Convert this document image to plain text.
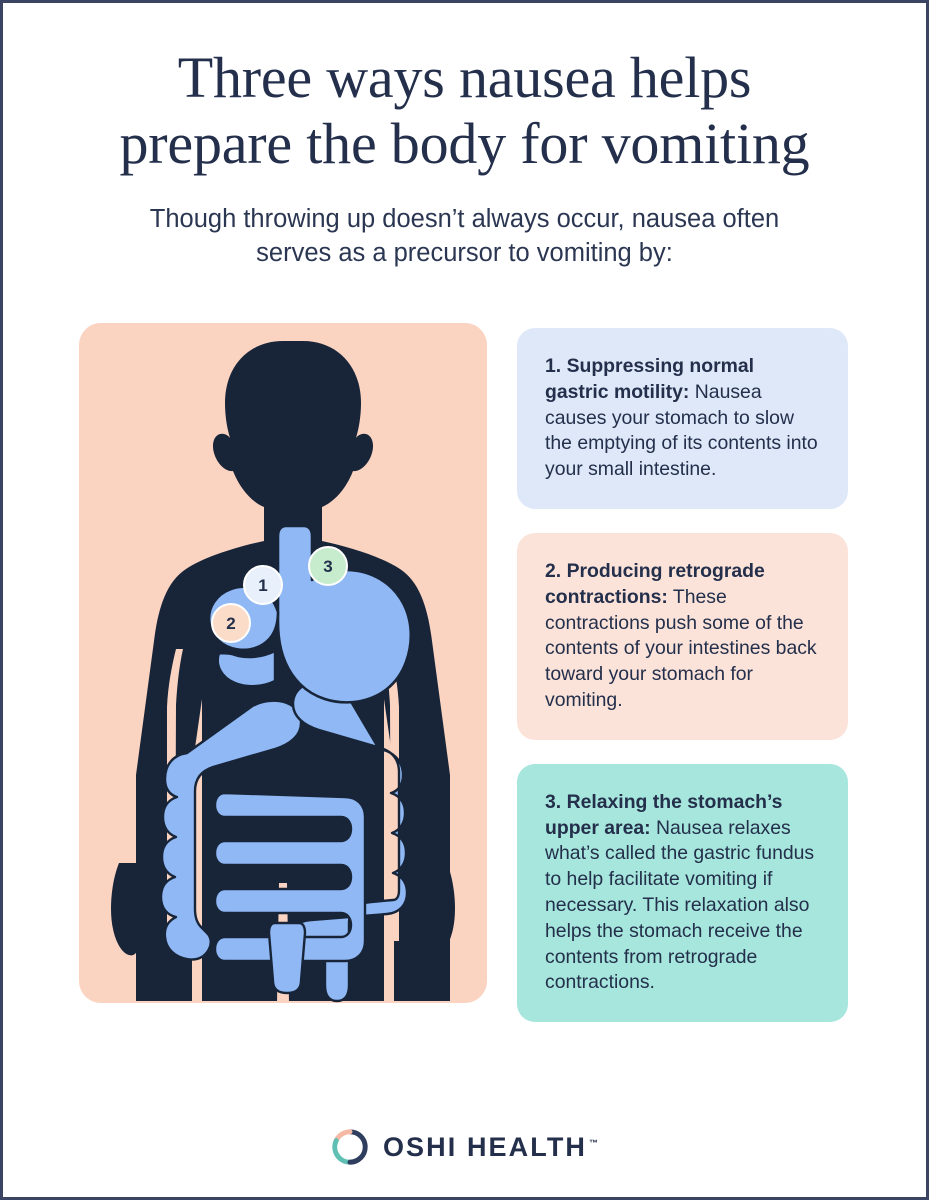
Three ways nausea helps prepare the body for vomiting

Though throwing up doesn’t always occur, nausea often serves as a precursor to vomiting by:

1
2
3

1. Suppressing normal gastric motility: Nausea causes your stomach to slow the emptying of its contents into your small intestine.

2. Producing retrograde contractions: These contractions push some of the contents of your intestines back toward your stomach for vomiting.

3. Relaxing the stomach’s upper area: Nausea relaxes what’s called the gastric fundus to help facilitate vomiting if necessary. This relaxation also helps the stomach receive the contents from retrograde contractions.

OSHI HEALTH ™
